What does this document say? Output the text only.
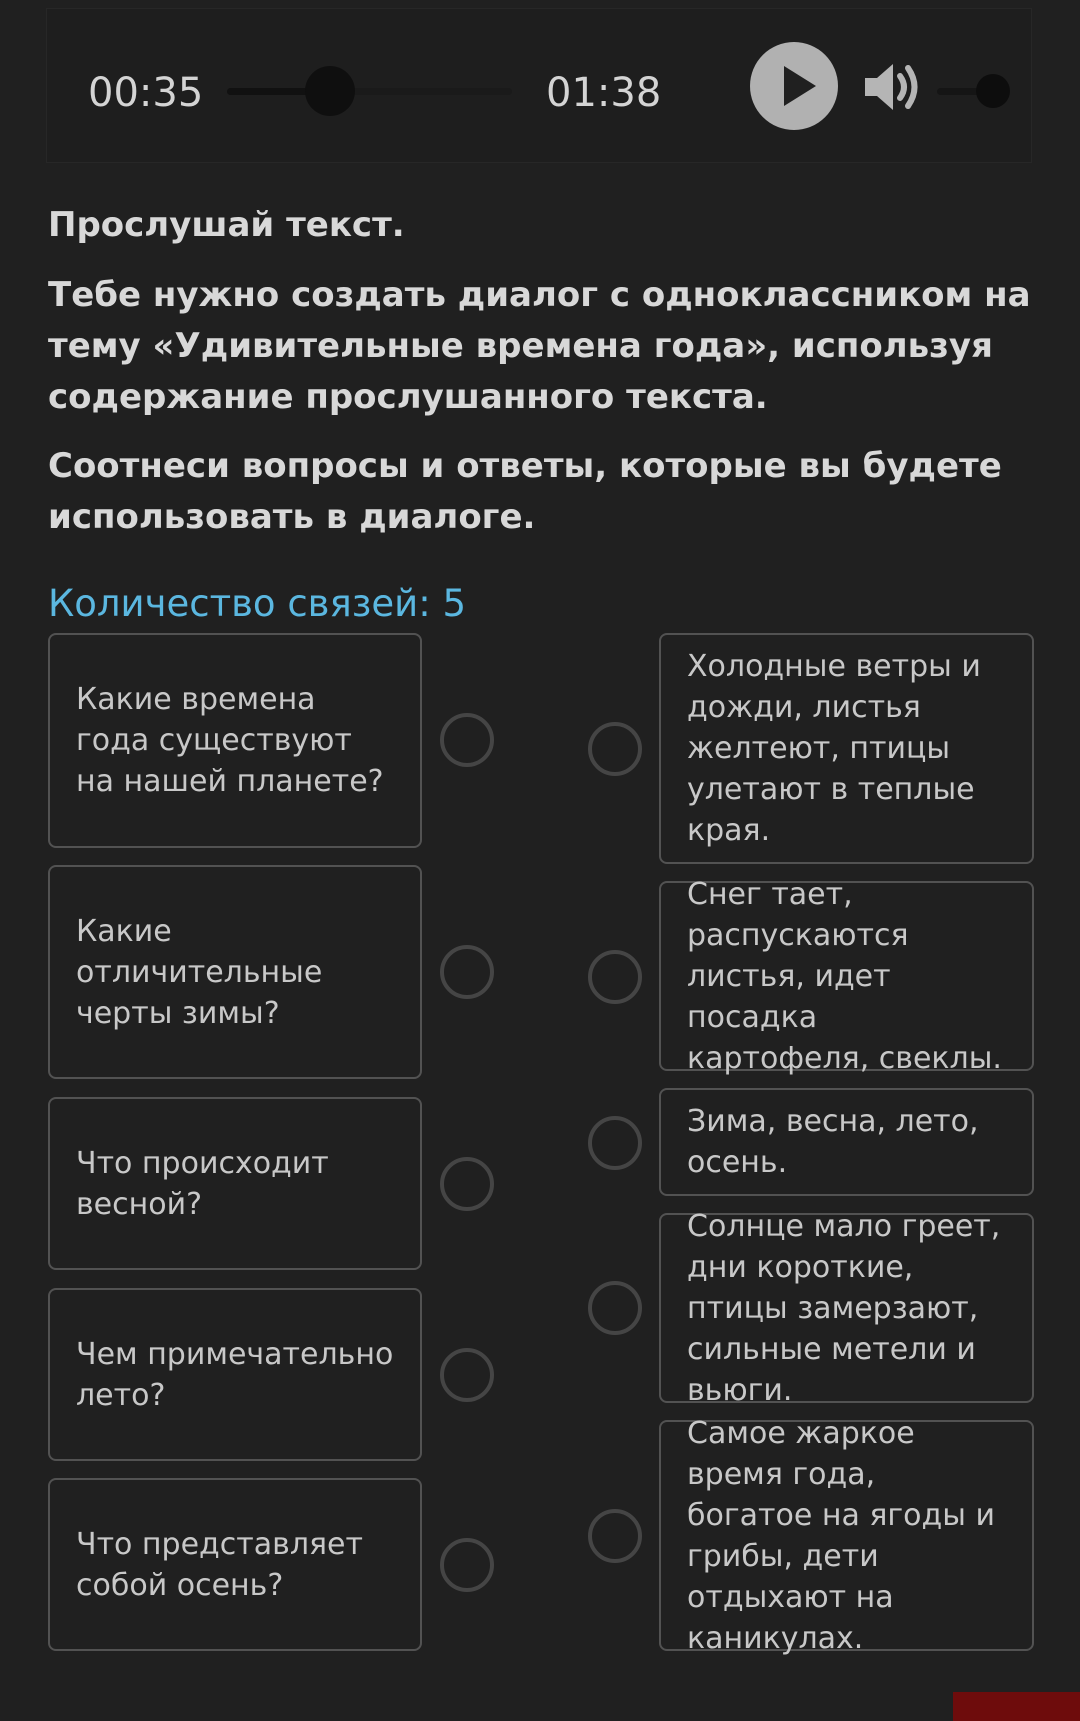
00:35	01:38

Прослушай текст.

Тебе нужно создать диалог с одноклассником на тему «Удивительные времена года», используя содержание прослушанного текста.

Соотнеси вопросы и ответы, которые вы будете использовать в диалоге.

Количество связей: 5
Какие времена года существуют на нашей планете?
Какие отличительные черты зимы?
Что происходит весной?
Чем примечательно лето?
Что представляет собой осень?
Холодные ветры и дожди, листья желтеют, птицы улетают в теплые края.
Снег тает, распускаются листья, идет посадка картофеля, свеклы.
Зима, весна, лето, осень.
Солнце мало греет, дни короткие, птицы замерзают, сильные метели и вьюги.
Самое жаркое время года, богатое на ягоды и грибы, дети отдыхают на каникулах.
